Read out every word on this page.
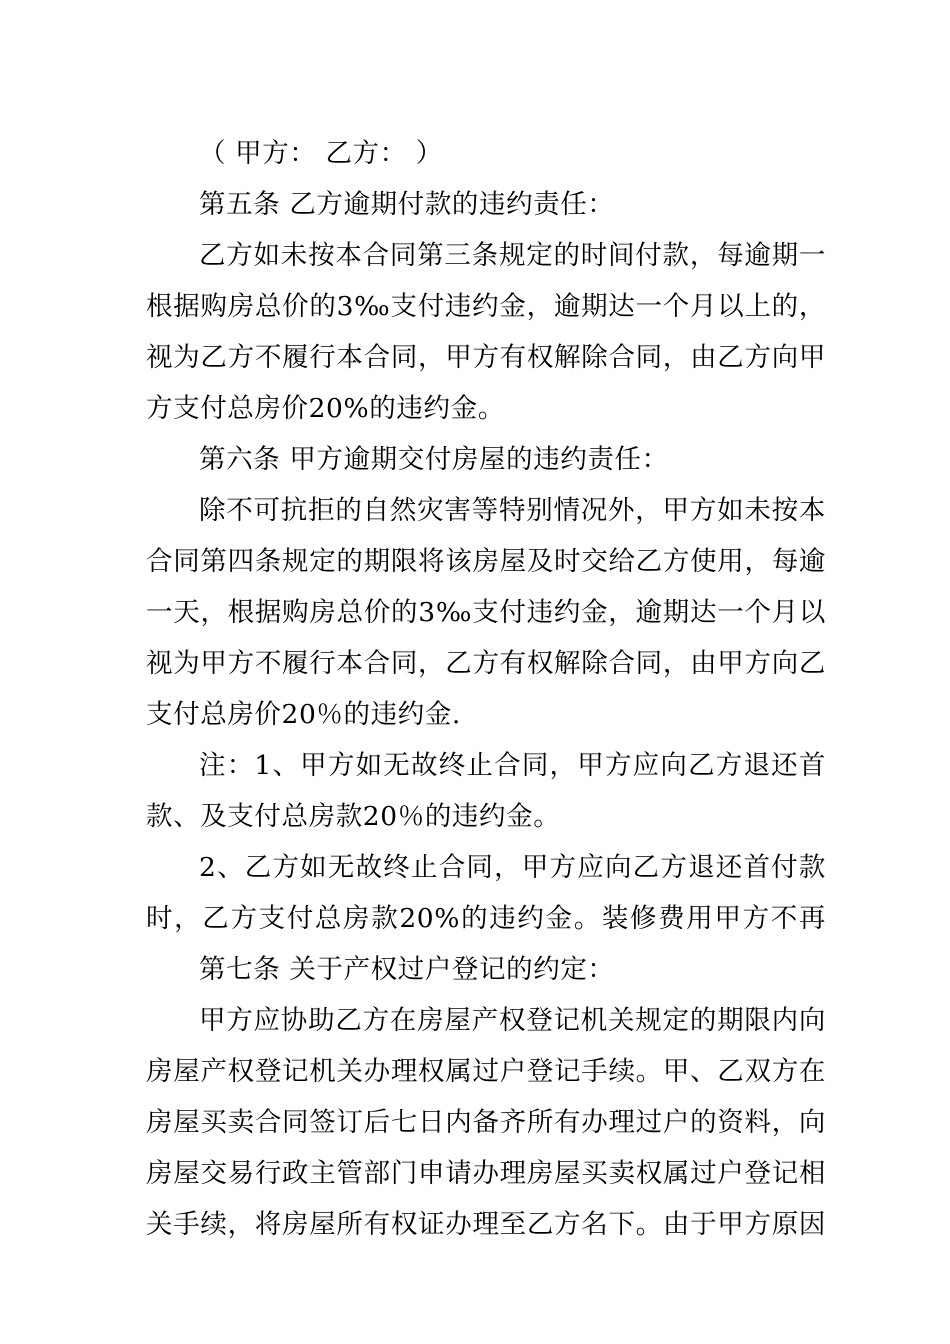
（ 甲方： 乙方： ）
第五条 乙方逾期付款的违约责任：
乙方如未按本合同第三条规定的时间付款，每逾期一
根据购房总价的3‰支付违约金，逾期达一个月以上的，
视为乙方不履行本合同，甲方有权解除合同，由乙方向甲
方支付总房价20%的违约金。
第六条 甲方逾期交付房屋的违约责任：
除不可抗拒的自然灾害等特别情况外，甲方如未按本
合同第四条规定的期限将该房屋及时交给乙方使用，每逾
一天，根据购房总价的3‰支付违约金，逾期达一个月以
视为甲方不履行本合同，乙方有权解除合同，由甲方向乙
支付总房价20％的违约金.
注：1、甲方如无故终止合同，甲方应向乙方退还首
款、及支付总房款20％的违约金。
2、乙方如无故终止合同，甲方应向乙方退还首付款
时，乙方支付总房款20%的违约金。装修费用甲方不再
第七条 关于产权过户登记的约定：
甲方应协助乙方在房屋产权登记机关规定的期限内向
房屋产权登记机关办理权属过户登记手续。甲、乙双方在
房屋买卖合同签订后七日内备齐所有办理过户的资料，向
房屋交易行政主管部门申请办理房屋买卖权属过户登记相
关手续，将房屋所有权证办理至乙方名下。由于甲方原因
